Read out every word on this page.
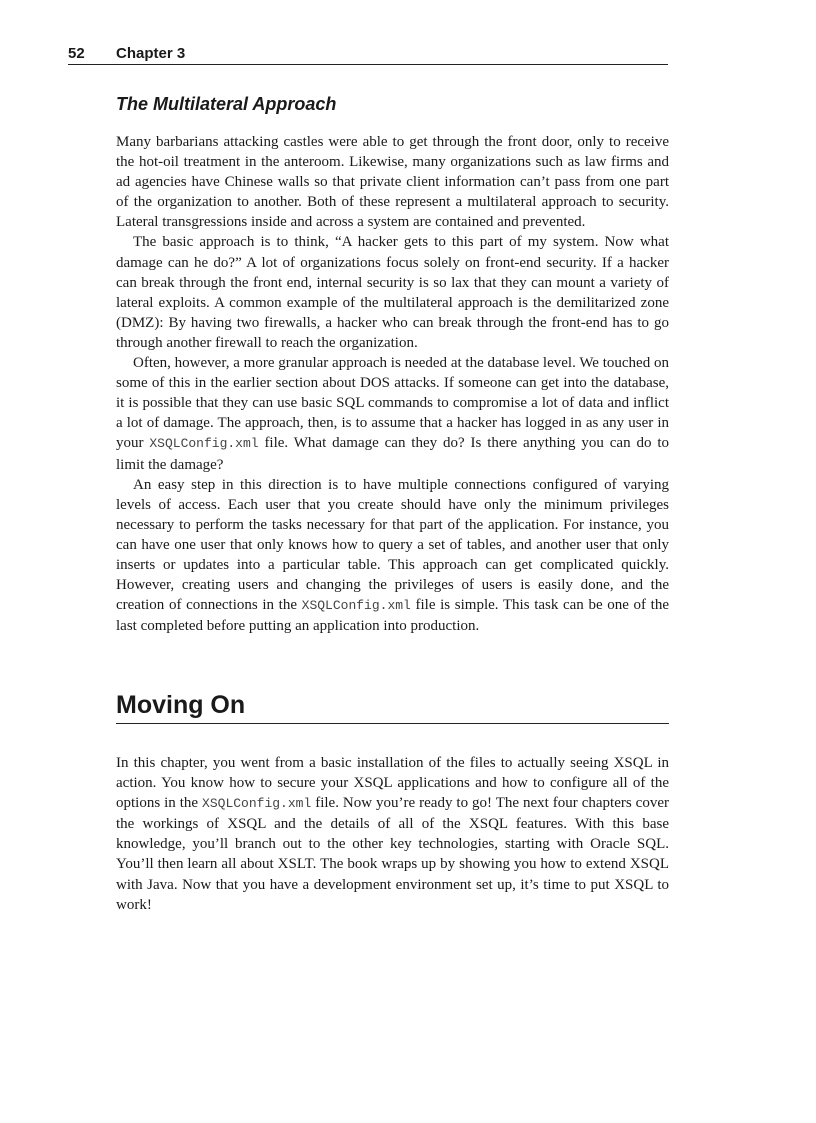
52 Chapter 3
The Multilateral Approach

Many barbarians attacking castles were able to get through the front door, only to receive the hot-oil treatment in the anteroom. Likewise, many organizations such as law firms and ad agencies have Chinese walls so that private client information can’t pass from one part of the organization to another. Both of these represent a multilateral approach to security. Lateral transgressions inside and across a system are contained and prevented.

The basic approach is to think, “A hacker gets to this part of my system. Now what damage can he do?” A lot of organizations focus solely on front-end security. If a hacker can break through the front end, internal security is so lax that they can mount a variety of lateral exploits. A common example of the multilateral approach is the demilitarized zone (DMZ): By having two firewalls, a hacker who can break through the front-end has to go through another firewall to reach the organization.

Often, however, a more granular approach is needed at the database level. We touched on some of this in the earlier section about DOS attacks. If someone can get into the database, it is possible that they can use basic SQL commands to compromise a lot of data and inflict a lot of damage. The approach, then, is to assume that a hacker has logged in as any user in your XSQLConfig.xml file. What damage can they do? Is there anything you can do to limit the damage?

An easy step in this direction is to have multiple connections configured of varying levels of access. Each user that you create should have only the minimum privileges necessary to perform the tasks necessary for that part of the application. For instance, you can have one user that only knows how to query a set of tables, and another user that only inserts or updates into a particular table. This approach can get complicated quickly. However, creating users and changing the privileges of users is easily done, and the creation of connections in the XSQLConfig.xml file is simple. This task can be one of the last completed before putting an application into production.

Moving On

In this chapter, you went from a basic installation of the files to actually seeing XSQL in action. You know how to secure your XSQL applications and how to configure all of the options in the XSQLConfig.xml file. Now you’re ready to go! The next four chapters cover the workings of XSQL and the details of all of the XSQL features. With this base knowledge, you’ll branch out to the other key technologies, starting with Oracle SQL. You’ll then learn all about XSLT. The book wraps up by showing you how to extend XSQL with Java. Now that you have a development environment set up, it’s time to put XSQL to work!
